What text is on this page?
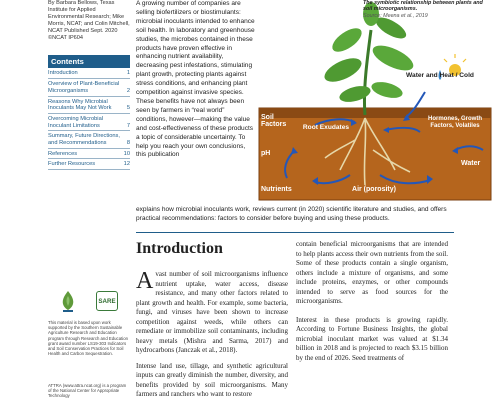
By Barbara Bellows, Texas Institute for Applied Environmental Research; Mike Morris, NCAT; and Colin Mitchell, NCAT Published Sept. 2020 ©NCAT IP604
Contents
Introduction	1
Overview of Plant-Beneficial Microorganisms	2
Reasons Why Microbial Inoculants May Not Work	5
Overcoming Microbial Inoculant Limitations	7
Summary, Future Directions, and Recommendations	8
References	10
Further Resources	12
SARE
This material is based upon work supported by the Southern Sustainable Agriculture Research and Education program through Research and Education grant award number LS19-303 Indicators and Soil Conservation Practices for Soil Health and Carbon Sequestration.
ATTRA (www.attra.ncat.org) is a program of the National Center for Appropriate Technology
A growing number of companies are selling biofertilizers or biostimulants: microbial inoculants intended to enhance soil health. In laboratory and greenhouse studies, the microbes contained in these products have proven effective in enhancing nutrient availability, decreasing pest infestations, stimulating plant growth, protecting plants against stress conditions, and enhancing plant competition against invasive species. These benefits have not always been seen by farmers in “real world” conditions, however—making the value and cost-effectiveness of these products a topic of considerable uncertainty. To help you reach your own conclusions, this publication
The symbiotic relationship between plants and soil microorganisms.
Source: Meena et al., 2019
Water and Heat / Cold
Soil Factors	Root Exudates
Hormones, Growth Factors, Volatiles
pH
Water
Nutrients	Air (porosity)
explains how microbial inoculants work, reviews current (in 2020) scientific literature and studies, and offers practical recommendations: factors to consider before buying and using these products.
Introduction

Avast number of soil microorganisms influence nutrient uptake, water access, disease resistance, and many other factors related to plant growth and health. For example, some bacteria, fungi, and viruses have been shown to increase competition against weeds, while others can remediate or immobilize soil contaminants, including heavy metals (Mishra and Sarma, 2017) and hydrocarbons (Janczak et al., 2018).

Intense land use, tillage, and synthetic agricultural inputs can greatly diminish the number, diversity, and benefits provided by soil microorganisms. Many farmers and ranchers who want to restore

contain beneficial microorganisms that are intended to help plants access their own nutrients from the soil. Some of these products contain a single organism, others include a mixture of organisms, and some include proteins, enzymes, or other compounds intended to serve as food sources for the microorganisms.

Interest in these products is growing rapidly. According to Fortune Business Insights, the global microbial inoculant market was valued at $1.34 billion in 2018 and is projected to reach $3.15 billion by the end of 2026. Seed treatments of
